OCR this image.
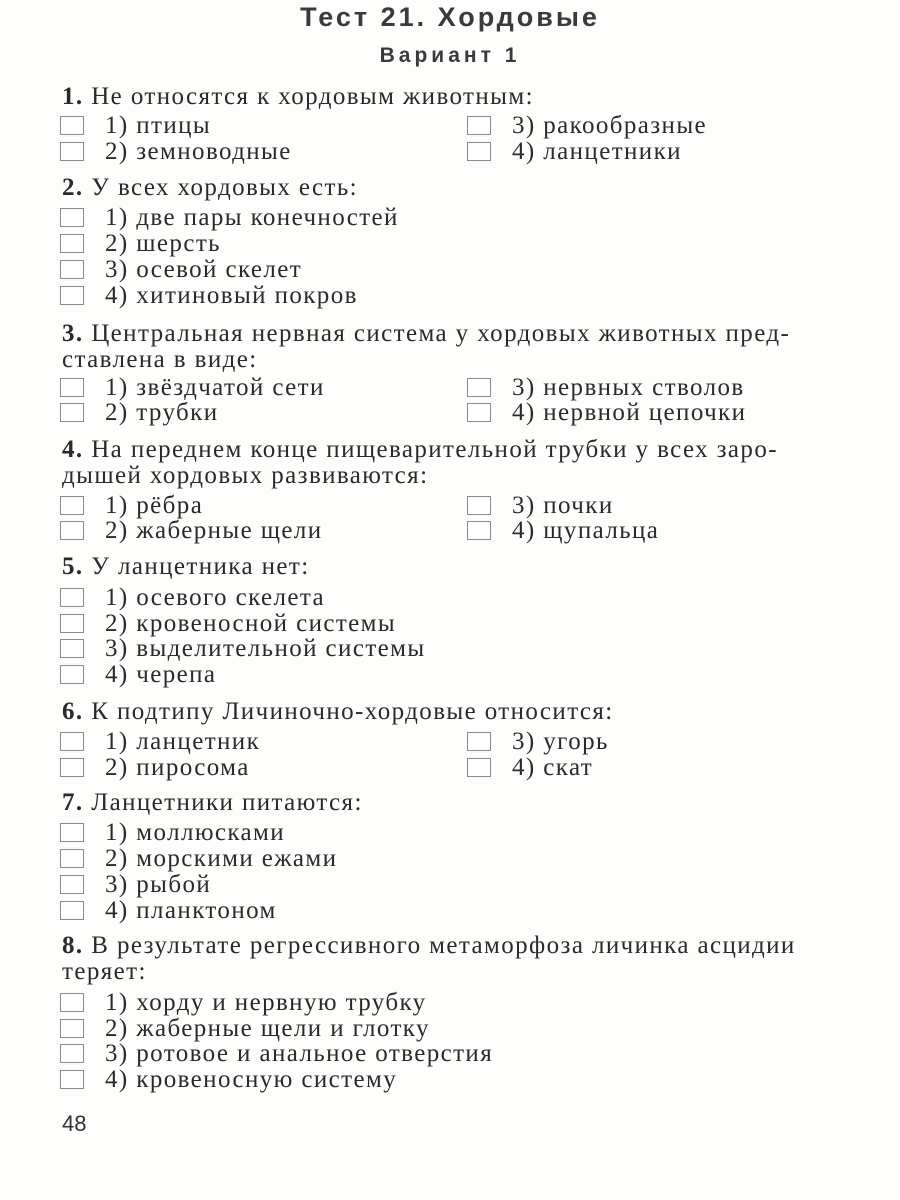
Тест 21. Хордовые
Вариант 1
1. Не относятся к хордовым животным:
1) птицы
2) земноводные
3) ракообразные
4) ланцетники
2. У всех хордовых есть:
1) две пары конечностей
2) шерсть
3) осевой скелет
4) хитиновый покров
3. Центральная нервная система у хордовых животных пред-
ставлена в виде:
1) звёздчатой сети
2) трубки
3) нервных стволов
4) нервной цепочки
4. На переднем конце пищеварительной трубки у всех заро-
дышей хордовых развиваются:
1) рёбра
2) жаберные щели
3) почки
4) щупальца
5. У ланцетника нет:
1) осевого скелета
2) кровеносной системы
3) выделительной системы
4) черепа
6. К подтипу Личиночно-хордовые относится:
1) ланцетник
2) пиросома
3) угорь
4) скат
7. Ланцетники питаются:
1) моллюсками
2) морскими ежами
3) рыбой
4) планктоном
8. В результате регрессивного метаморфоза личинка асцидии
теряет:
1) хорду и нервную трубку
2) жаберные щели и глотку
3) ротовое и анальное отверстия
4) кровеносную систему
48
